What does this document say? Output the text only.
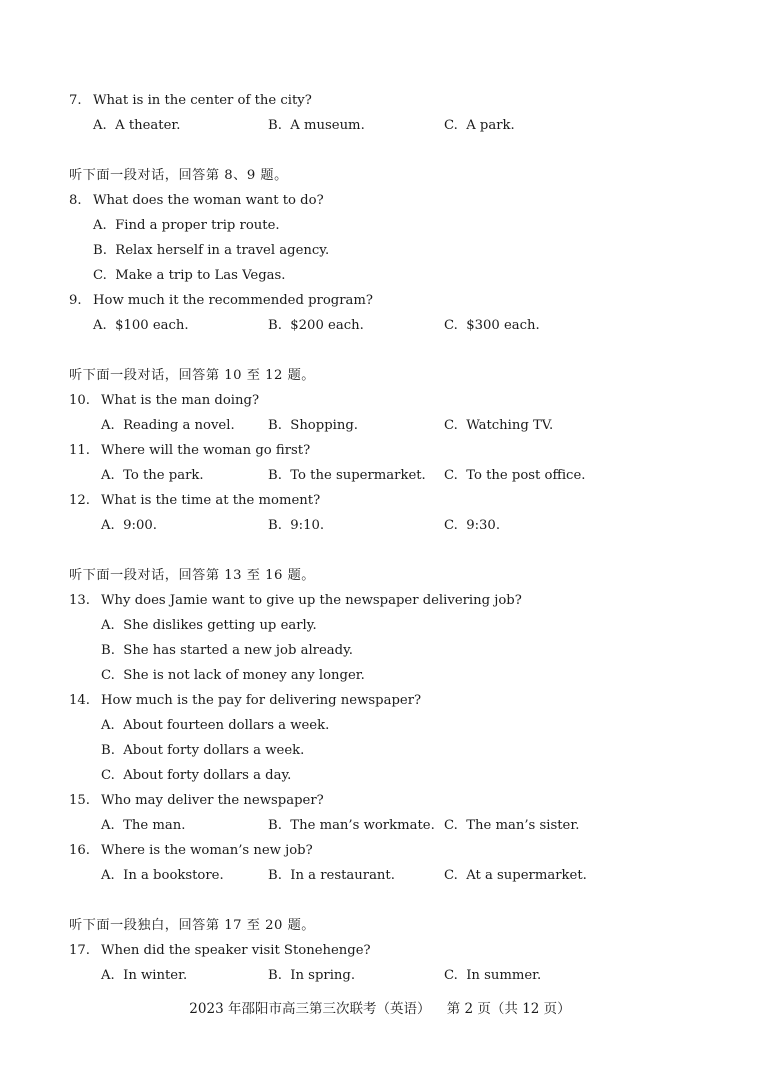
7. What is in the center of the city?
A. A theater.	B. A museum.	C. A park.
听下面一段对话，回答第 8、9 题。
8. What does the woman want to do?
A. Find a proper trip route.
B. Relax herself in a travel agency.
C. Make a trip to Las Vegas.
9. How much it the recommended program?
A. $100 each.	B. $200 each.	C. $300 each.
听下面一段对话，回答第 10 至 12 题。
10. What is the man doing?
A. Reading a novel.	B. Shopping.	C. Watching TV.
11. Where will the woman go first?
A. To the park.	B. To the supermarket. C. To the post office.
12. What is the time at the moment?
A. 9:00.	B. 9:10.	C. 9:30.
听下面一段对话，回答第 13 至 16 题。
13. Why does Jamie want to give up the newspaper delivering job?
A. She dislikes getting up early.
B. She has started a new job already.
C. She is not lack of money any longer.
14. How much is the pay for delivering newspaper?
A. About fourteen dollars a week.
B. About forty dollars a week.
C. About forty dollars a day.
15. Who may deliver the newspaper?
A. The man.	B. The man’s workmate. C. The man’s sister.
16. Where is the woman’s new job?
A. In a bookstore.	B. In a restaurant.	C. At a supermarket.
听下面一段独白，回答第 17 至 20 题。
17. When did the speaker visit Stonehenge?
A. In winter.	B. In spring.	C. In summer.
2023 年邵阳市高三第三次联考（英语） 第 2 页（共 12 页）
